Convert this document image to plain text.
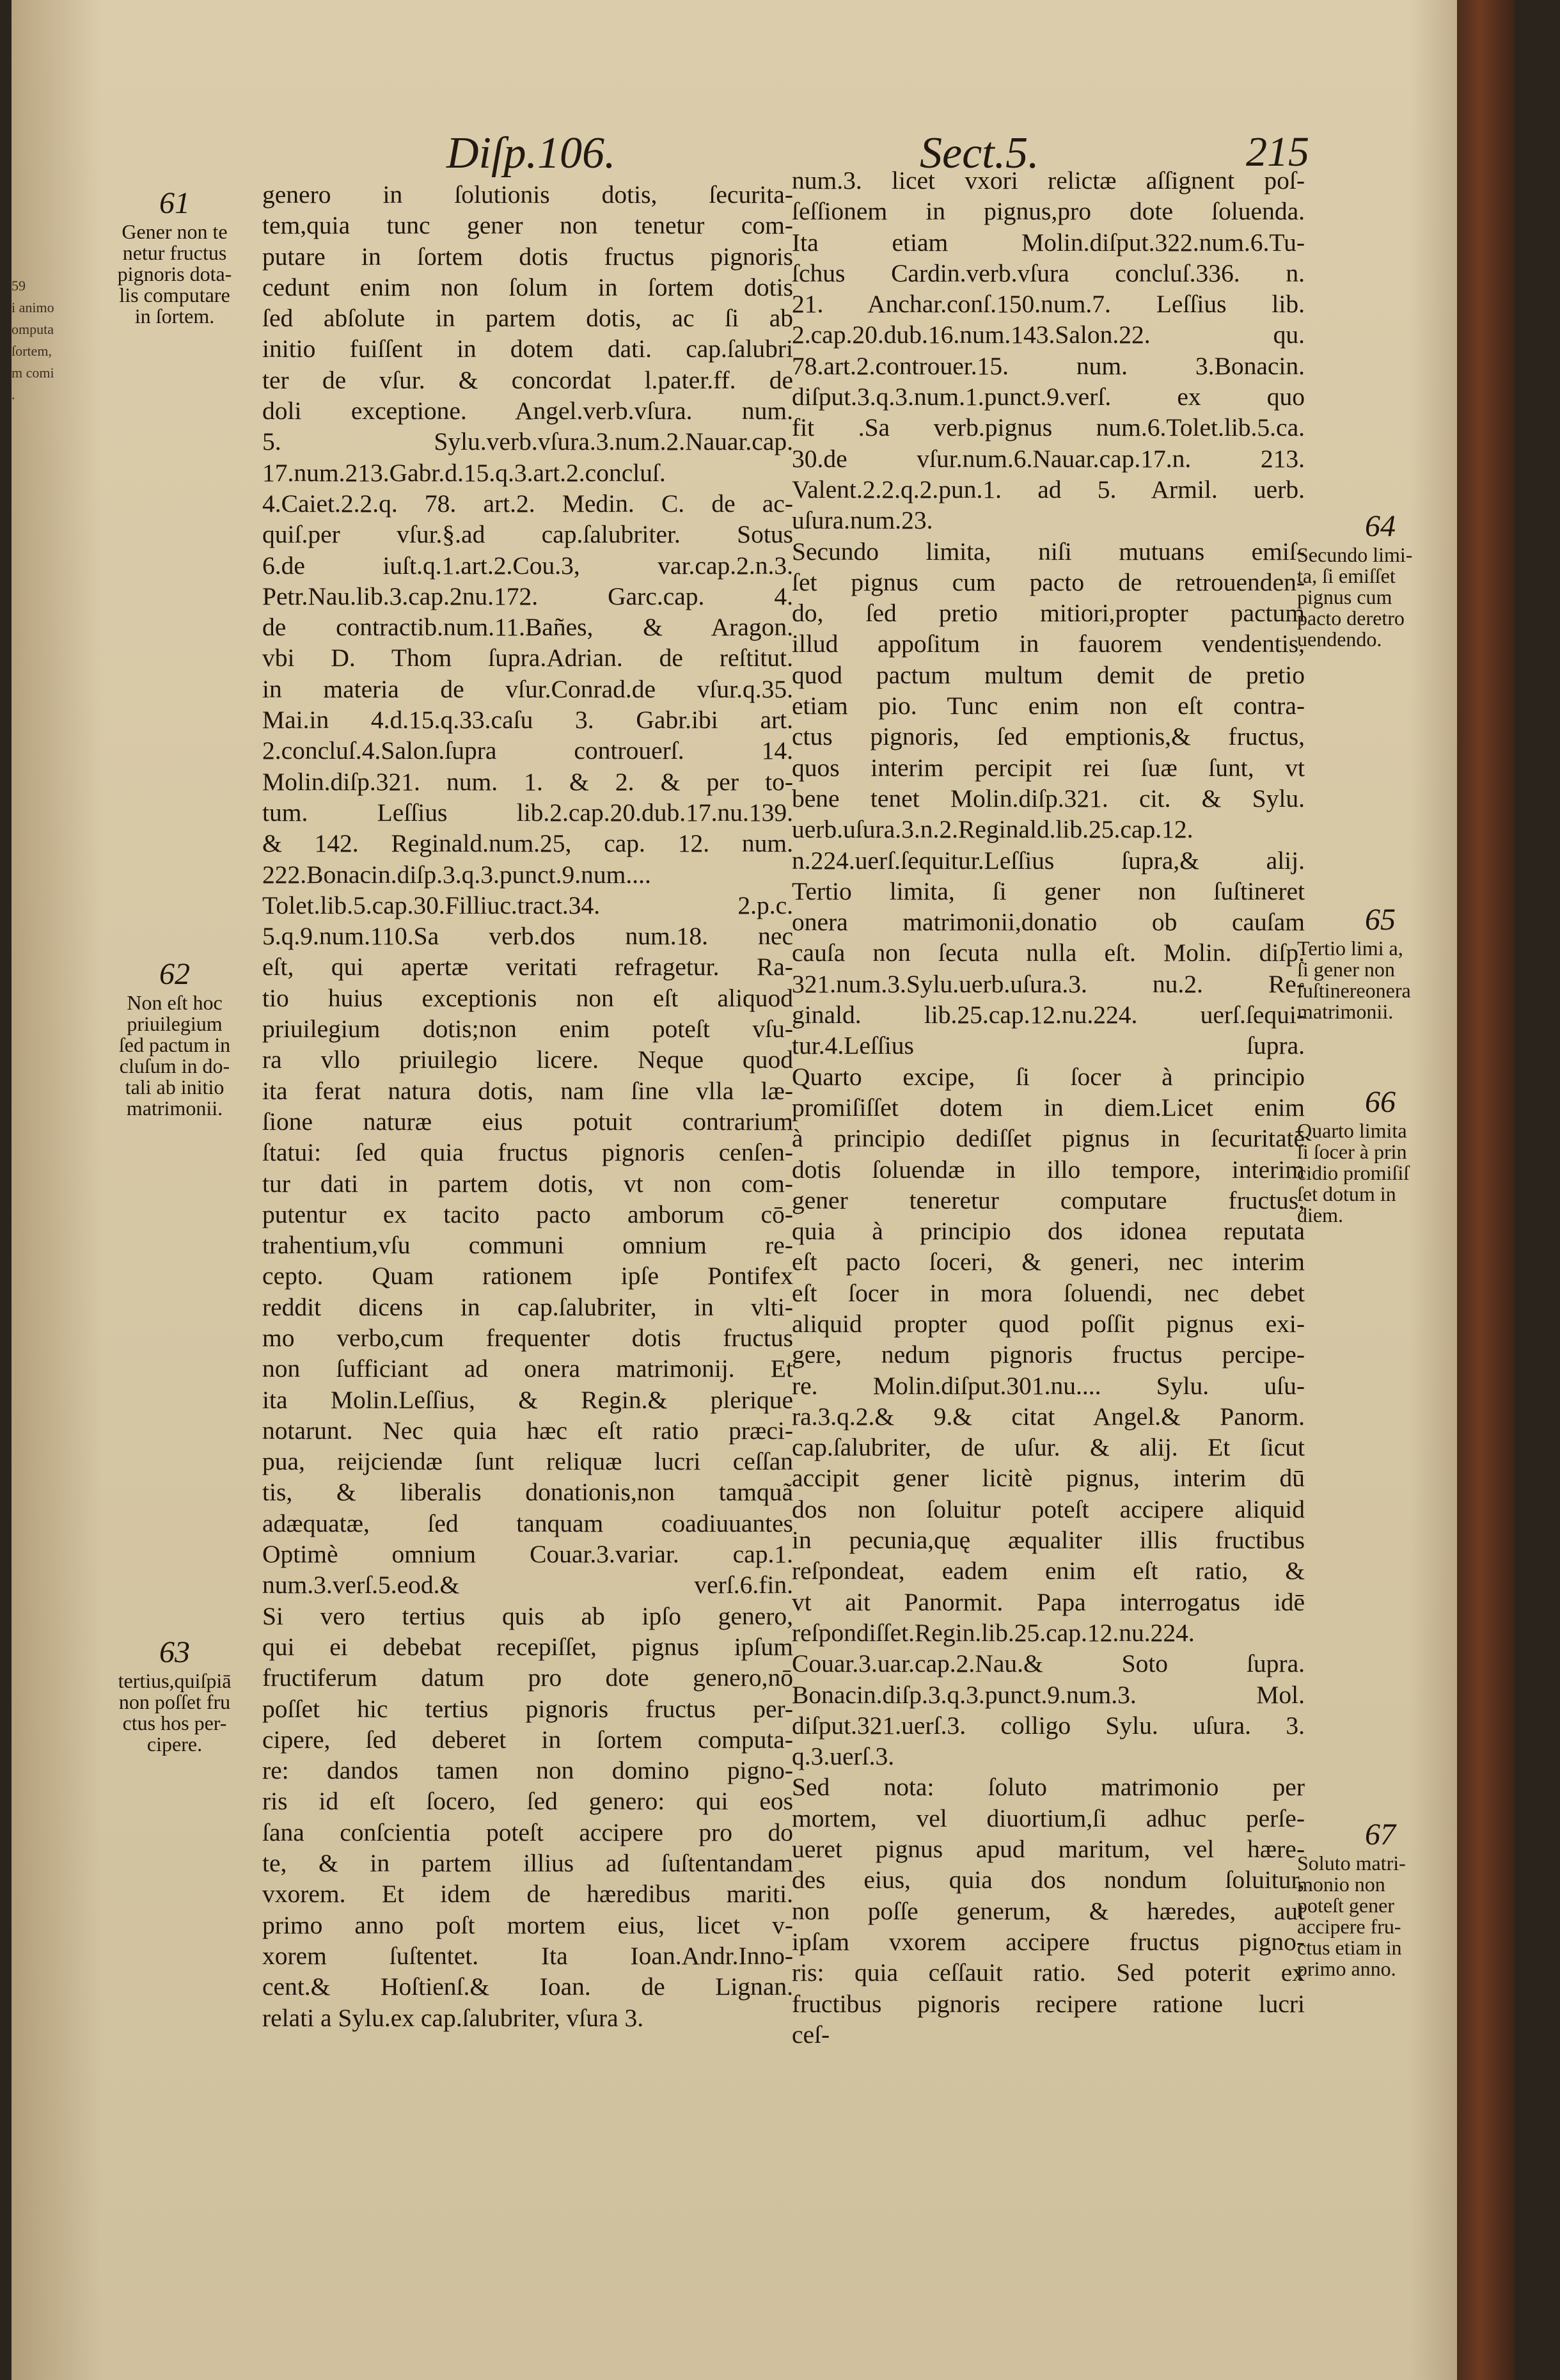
59
i animo
omputa
ſortem,
m comi
.
Diſp.106.	Sect.5.	215
genero in ſolutionis dotis, ſecurita-
tem,quia tunc gener non tenetur com-
putare in ſortem dotis fructus pignoris
cedunt enim non ſolum in ſortem dotis
ſed abſolute in partem dotis, ac ſi ab
initio fuiſſent in dotem dati. cap.ſalubri
ter de vſur. & concordat l.pater.ff. de
doli exceptione. Angel.verb.vſura. num.
5. Sylu.verb.vſura.3.num.2.Nauar.cap.
17.num.213.Gabr.d.15.q.3.art.2.concluſ.
4.Caiet.2.2.q. 78. art.2. Medin. C. de ac-
quiſ.per vſur.§.ad cap.ſalubriter. Sotus
6.de iuſt.q.1.art.2.Cou.3, var.cap.2.n.3.
Petr.Nau.lib.3.cap.2nu.172. Garc.cap. 4.
de contractib.num.11.Bañes, & Aragon.
vbi D. Thom ſupra.Adrian. de reſtitut.
in materia de vſur.Conrad.de vſur.q.35.
Mai.in 4.d.15.q.33.caſu 3. Gabr.ibi art.
2.concluſ.4.Salon.ſupra controuerſ. 14.
Molin.diſp.321. num. 1. & 2. & per to-
tum. Leſſius lib.2.cap.20.dub.17.nu.139.
& 142. Reginald.num.25, cap. 12. num.
222.Bonacin.diſp.3.q.3.punct.9.num....
Tolet.lib.5.cap.30.Filliuc.tract.34. 2.p.c.
5.q.9.num.110.Sa verb.dos num.18. nec
eſt, qui apertæ veritati refragetur. Ra-
tio huius exceptionis non eſt aliquod
priuilegium dotis;non enim poteſt vſu-
ra vllo priuilegio licere. Neque quod
ita ferat natura dotis, nam ſine vlla læ-
ſione naturæ eius potuit contrarium
ſtatui: ſed quia fructus pignoris cenſen-
tur dati in partem dotis, vt non com-
putentur ex tacito pacto amborum cō-
trahentium,vſu communi omnium re-
cepto. Quam rationem ipſe Pontifex
reddit dicens in cap.ſalubriter, in vlti-
mo verbo,cum frequenter dotis fructus
non ſufficiant ad onera matrimonij. Et
ita Molin.Leſſius, & Regin.& plerique
notarunt. Nec quia hæc eſt ratio præci-
pua, reijciendæ ſunt reliquæ lucri ceſſan
tis, & liberalis donationis,non tamquã
adæquatæ, ſed tanquam coadiuuantes
Optimè omnium Couar.3.variar. cap.1.
num.3.verſ.5.eod.& verſ.6.fin.
Si vero tertius quis ab ipſo genero,
qui ei debebat recepiſſet, pignus ipſum
fructiferum datum pro dote genero,nō
poſſet hic tertius pignoris fructus per-
cipere, ſed deberet in ſortem computa-
re: dandos tamen non domino pigno-
ris id eſt ſocero, ſed genero: qui eos
ſana conſcientia poteſt accipere pro do
te, & in partem illius ad ſuſtentandam
vxorem. Et idem de hæredibus mariti.
primo anno poſt mortem eius, licet v-
xorem ſuſtentet. Ita Ioan.Andr.Inno-
cent.& Hoſtienſ.& Ioan. de Lignan.
relati a Sylu.ex cap.ſalubriter, vſura 3.
num.3. licet vxori relictæ aſſignent poſ-
ſeſſionem in pignus,pro dote ſoluenda.
Ita etiam Molin.diſput.322.num.6.Tu-
ſchus Cardin.verb.vſura concluſ.336. n.
21. Anchar.conſ.150.num.7. Leſſius lib.
2.cap.20.dub.16.num.143.Salon.22. qu.
78.art.2.controuer.15. num. 3.Bonacin.
diſput.3.q.3.num.1.punct.9.verſ. ex quo
fit .Sa verb.pignus num.6.Tolet.lib.5.ca.
30.de vſur.num.6.Nauar.cap.17.n. 213.
Valent.2.2.q.2.pun.1. ad 5. Armil. uerb.
uſura.num.23.
Secundo limita, niſi mutuans emiſ-
ſet pignus cum pacto de retrouenden-
do, ſed pretio mitiori,propter pactum
illud appoſitum in fauorem vendentis,
quod pactum multum demit de pretio
etiam pio. Tunc enim non eſt contra-
ctus pignoris, ſed emptionis,& fructus,
quos interim percipit rei ſuæ ſunt, vt
bene tenet Molin.diſp.321. cit. & Sylu.
uerb.uſura.3.n.2.Reginald.lib.25.cap.12.
n.224.uerſ.ſequitur.Leſſius ſupra,& alij.
Tertio limita, ſi gener non ſuſtineret
onera matrimonii,donatio ob cauſam
cauſa non ſecuta nulla eſt. Molin. diſp.
321.num.3.Sylu.uerb.uſura.3. nu.2. Re-
ginald. lib.25.cap.12.nu.224. uerſ.ſequi-
tur.4.Leſſius ſupra.
Quarto excipe, ſi ſocer à principio
promiſiſſet dotem in diem.Licet enim
à principio dediſſet pignus in ſecuritatē
dotis ſoluendæ in illo tempore, interim
gener teneretur computare fructus,
quia à principio dos idonea reputata
eſt pacto ſoceri, & generi, nec interim
eſt ſocer in mora ſoluendi, nec debet
aliquid propter quod poſſit pignus exi-
gere, nedum pignoris fructus percipe-
re. Molin.diſput.301.nu.... Sylu. uſu-
ra.3.q.2.& 9.& citat Angel.& Panorm.
cap.ſalubriter, de uſur. & alij. Et ſicut
accipit gener licitè pignus, interim dū
dos non ſoluitur poteſt accipere aliquid
in pecunia,quę æqualiter illis fructibus
reſpondeat, eadem enim eſt ratio, &
vt ait Panormit. Papa interrogatus idē
reſpondiſſet.Regin.lib.25.cap.12.nu.224.
Couar.3.uar.cap.2.Nau.& Soto ſupra.
Bonacin.diſp.3.q.3.punct.9.num.3. Mol.
diſput.321.uerſ.3. colligo Sylu. uſura. 3.
q.3.uerſ.3.
Sed nota: ſoluto matrimonio per
mortem, vel diuortium,ſi adhuc perſe-
ueret pignus apud maritum, vel hære-
des eius, quia dos nondum ſoluitur,
non poſſe generum, & hæredes, aut
ipſam vxorem accipere fructus pigno-
ris: quia ceſſauit ratio. Sed poterit ex
fructibus pignoris recipere ratione lucri
ceſ-
61
Gener non te
netur fructus
pignoris dota-
lis computare
in ſortem.
62
Non eſt hoc
priuilegium
ſed pactum in
cluſum in do-
tali ab initio
matrimonii.
63
tertius,quiſpiā
non poſſet fru
ctus hos per-
cipere.
64
Secundo limi-
ta, ſi emiſſet
pignus cum
pacto deretro
uendendo.
65
Tertio limi a,
ſi gener non
ſuſtinereonera
matrimonii.
66
Quarto limita
ſi ſocer à prin
cidio promiſiſ
ſet dotum in
diem.
67
Soluto matri-
monio non
poteſt gener
accipere fru-
ctus etiam in
primo anno.
